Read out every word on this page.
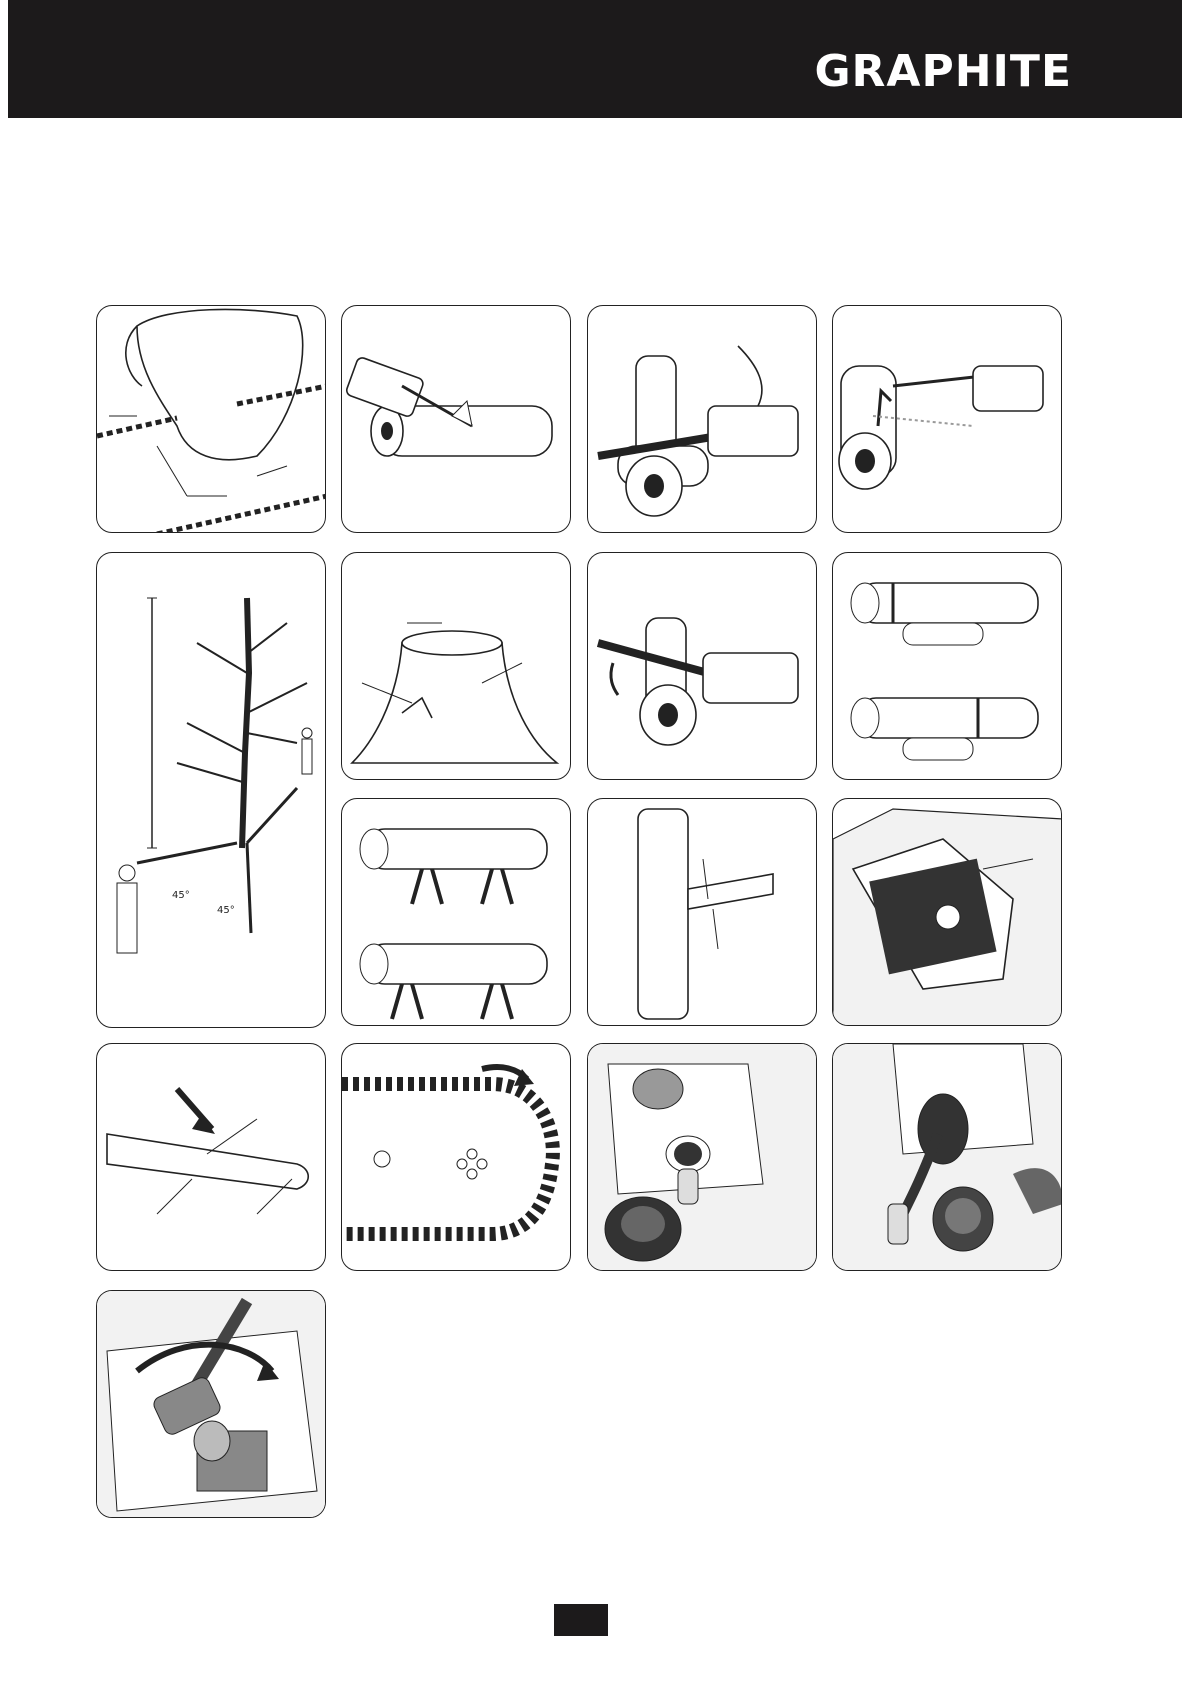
GRAPHITE
45°
45°
